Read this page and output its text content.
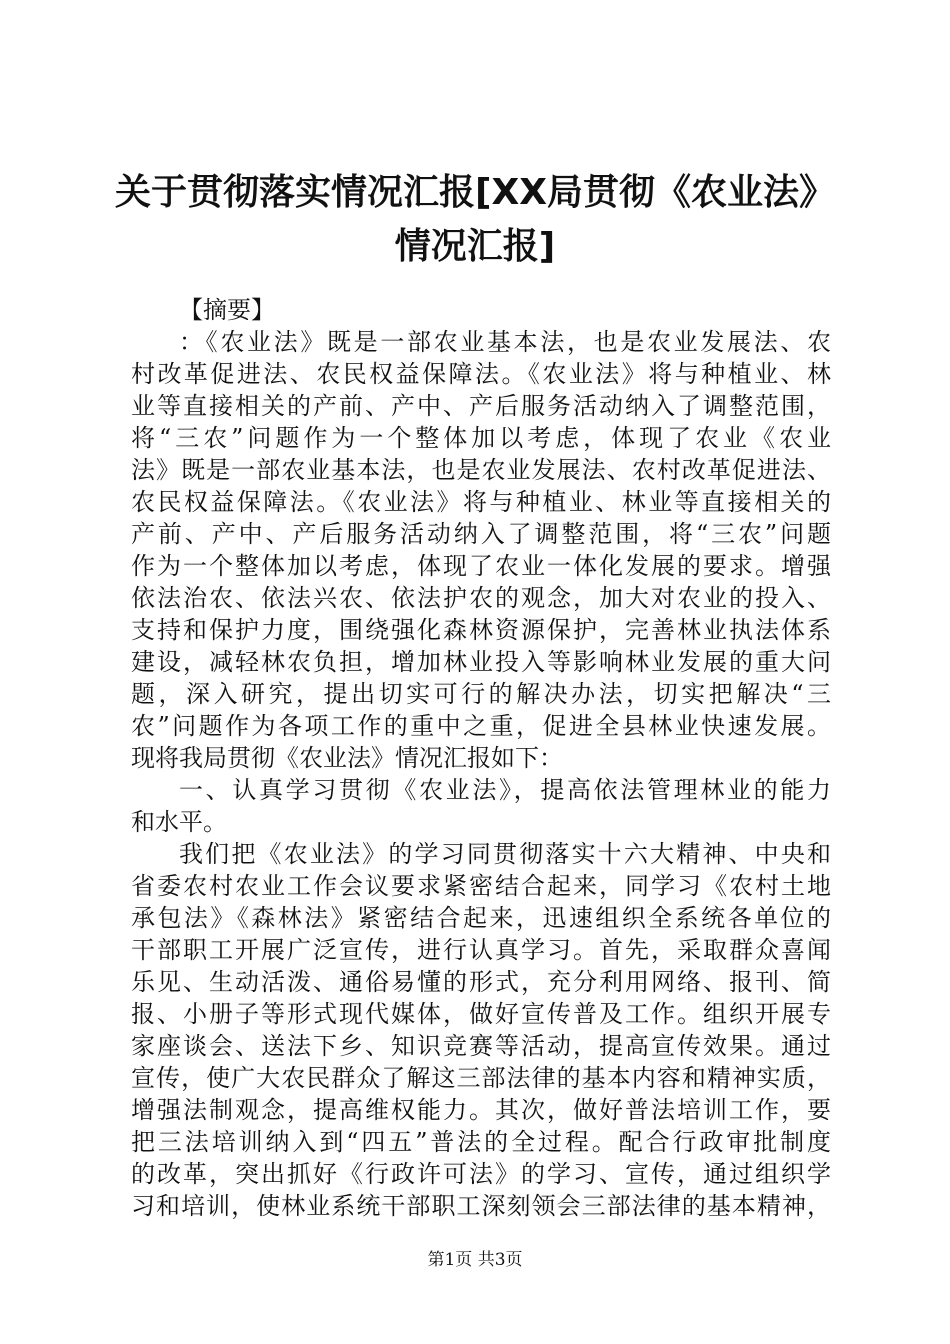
关于贯彻落实情况汇报[XX局贯彻《农业法》
情况汇报]

【摘要】

：《农业法》既是一部农业基本法，也是农业发展法、农

村改革促进法、农民权益保障法。《农业法》将与种植业、林

业等直接相关的产前、产中、产后服务活动纳入了调整范围，

将“三农”问题作为一个整体加以考虑，体现了农业《农业

法》既是一部农业基本法，也是农业发展法、农村改革促进法、

农民权益保障法。《农业法》将与种植业、林业等直接相关的

产前、产中、产后服务活动纳入了调整范围，将“三农”问题

作为一个整体加以考虑，体现了农业一体化发展的要求。增强

依法治农、依法兴农、依法护农的观念，加大对农业的投入、

支持和保护力度，围绕强化森林资源保护，完善林业执法体系

建设，减轻林农负担，增加林业投入等影响林业发展的重大问

题，深入研究，提出切实可行的解决办法，切实把解决“三

农”问题作为各项工作的重中之重，促进全县林业快速发展。

现将我局贯彻《农业法》情况汇报如下：

一、认真学习贯彻《农业法》，提高依法管理林业的能力

和水平。

我们把《农业法》的学习同贯彻落实十六大精神、中央和

省委农村农业工作会议要求紧密结合起来，同学习《农村土地

承包法》《森林法》紧密结合起来，迅速组织全系统各单位的

干部职工开展广泛宣传，进行认真学习。首先，采取群众喜闻

乐见、生动活泼、通俗易懂的形式，充分利用网络、报刊、简

报、小册子等形式现代媒体，做好宣传普及工作。组织开展专

家座谈会、送法下乡、知识竞赛等活动，提高宣传效果。通过

宣传，使广大农民群众了解这三部法律的基本内容和精神实质，

增强法制观念，提高维权能力。其次，做好普法培训工作，要

把三法培训纳入到“四五”普法的全过程。配合行政审批制度

的改革，突出抓好《行政许可法》的学习、宣传，通过组织学

习和培训，使林业系统干部职工深刻领会三部法律的基本精神，

第1页 共3页
